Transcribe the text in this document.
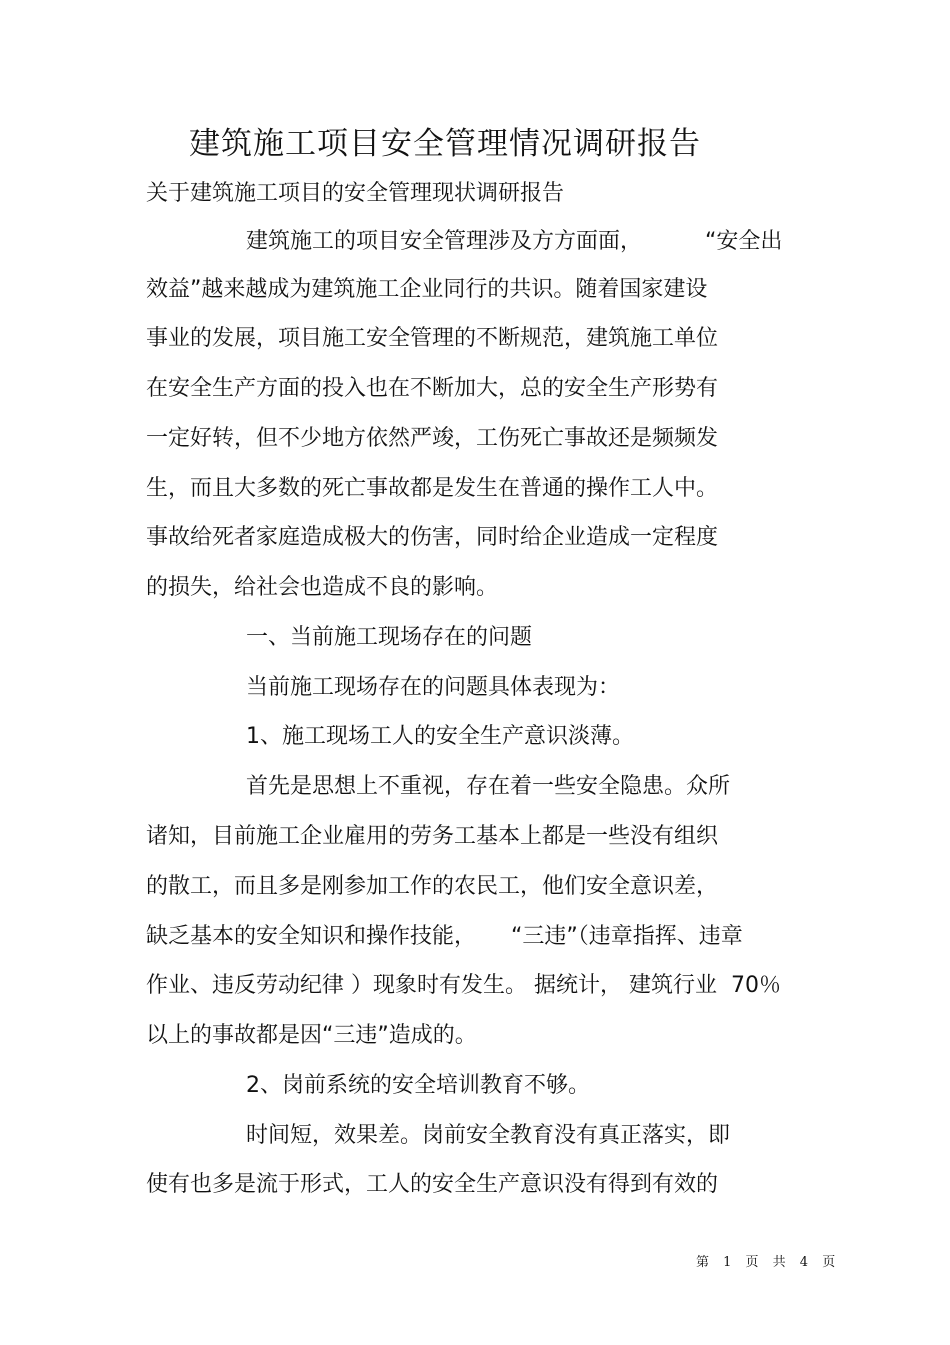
建筑施工项目安全管理情况调研报告
关于建筑施工项目的安全管理现状调研报告
建筑施工的项目安全管理涉及方方面面，         “安全出
效益”越来越成为建筑施工企业同行的共识。随着国家建设
事业的发展，项目施工安全管理的不断规范，建筑施工单位
在安全生产方面的投入也在不断加大，总的安全生产形势有
一定好转，但不少地方依然严竣，工伤死亡事故还是频频发
生，而且大多数的死亡事故都是发生在普通的操作工人中。
事故给死者家庭造成极大的伤害，同时给企业造成一定程度
的损失，给社会也造成不良的影响。
一、当前施工现场存在的问题
当前施工现场存在的问题具体表现为：
1、施工现场工人的安全生产意识淡薄。
首先是思想上不重视，存在着一些安全隐患。众所
诸知，目前施工企业雇用的劳务工基本上都是一些没有组织
的散工，而且多是刚参加工作的农民工，他们安全意识差，
缺乏基本的安全知识和操作技能，     “三违”（违章指挥、违章
作业、违反劳动纪律 ）现象时有发生。 据统计， 建筑行业  70％
以上的事故都是因“三违”造成的。
2、岗前系统的安全培训教育不够。
时间短，效果差。岗前安全教育没有真正落实，即
使有也多是流于形式，工人的安全生产意识没有得到有效的
第 1 页 共 4 页
